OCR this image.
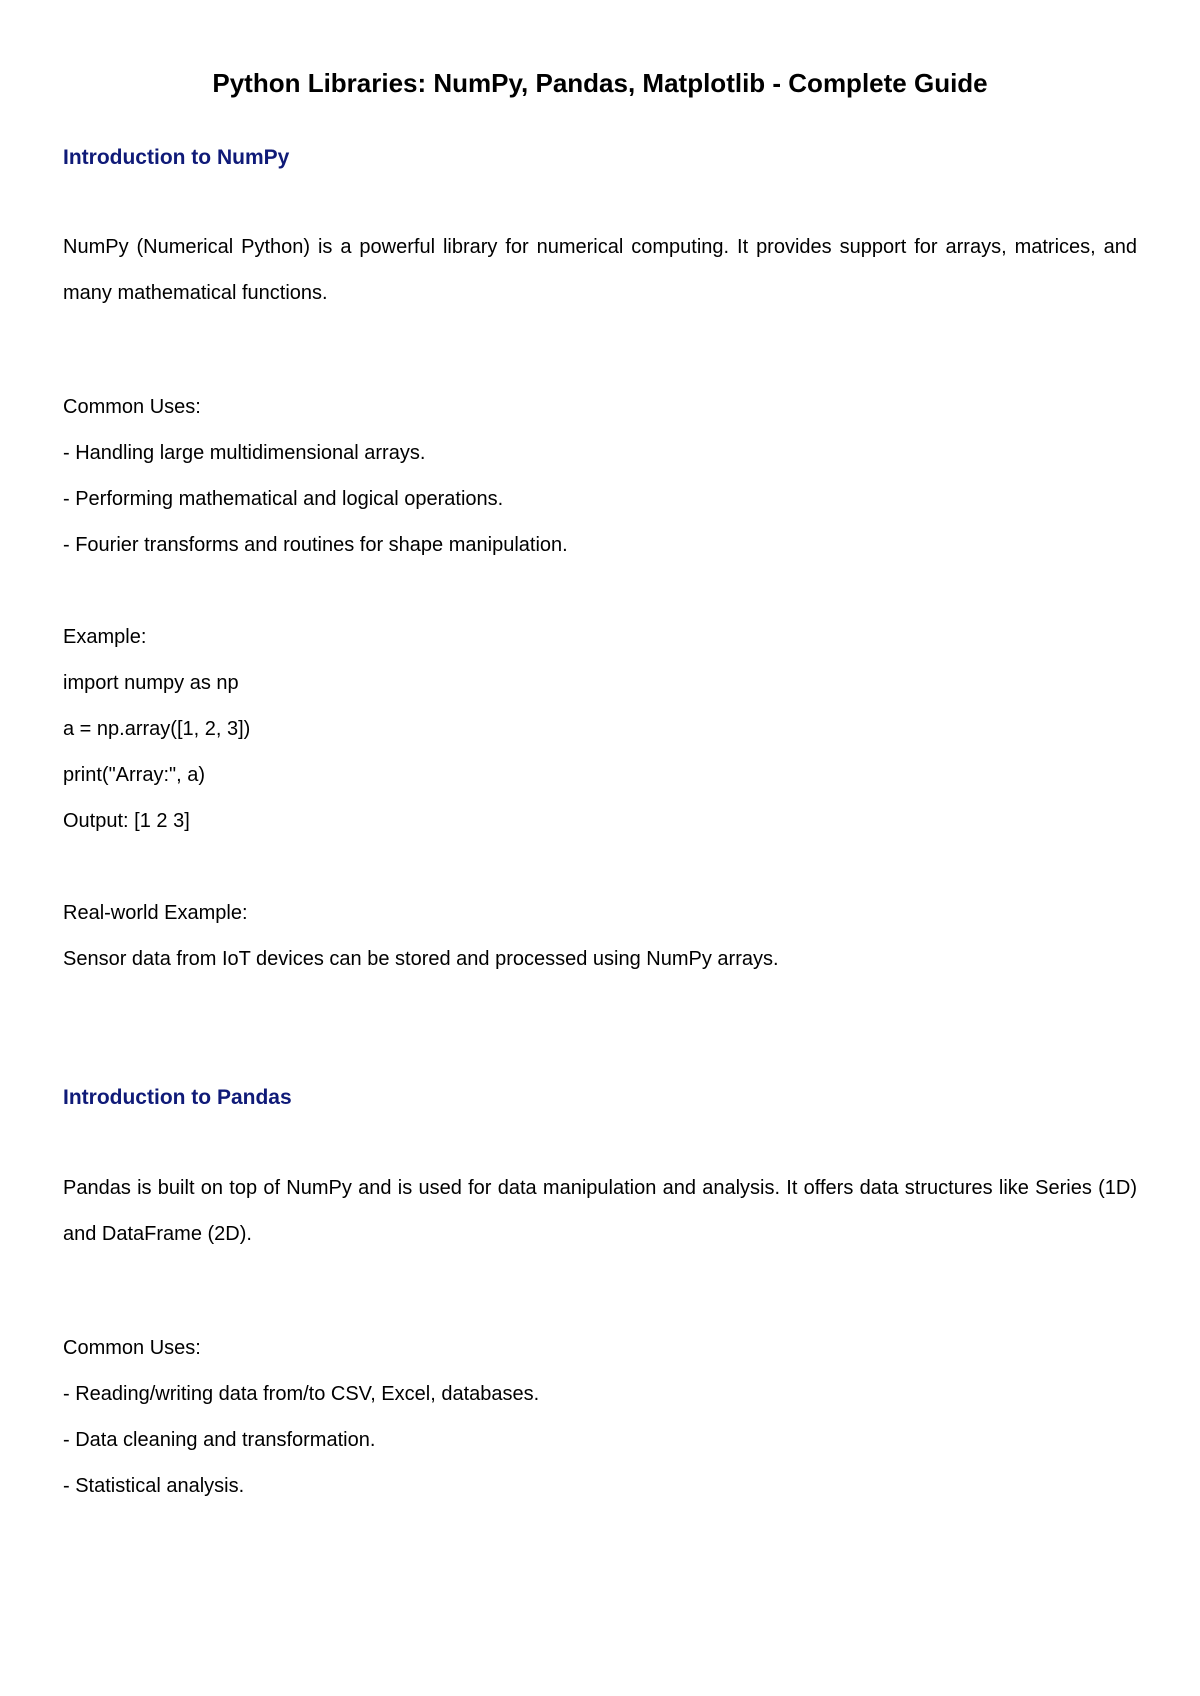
Python Libraries: NumPy, Pandas, Matplotlib - Complete Guide
Introduction to NumPy

NumPy (Numerical Python) is a powerful library for numerical computing. It provides support for arrays, matrices, and many mathematical functions.

Common Uses:

- Handling large multidimensional arrays.

- Performing mathematical and logical operations.

- Fourier transforms and routines for shape manipulation.

Example:

import numpy as np

a = np.array([1, 2, 3])

print("Array:", a)

Output: [1 2 3]

Real-world Example:

Sensor data from IoT devices can be stored and processed using NumPy arrays.

Introduction to Pandas

Pandas is built on top of NumPy and is used for data manipulation and analysis. It offers data structures like Series (1D) and DataFrame (2D).

Common Uses:

- Reading/writing data from/to CSV, Excel, databases.

- Data cleaning and transformation.

- Statistical analysis.
